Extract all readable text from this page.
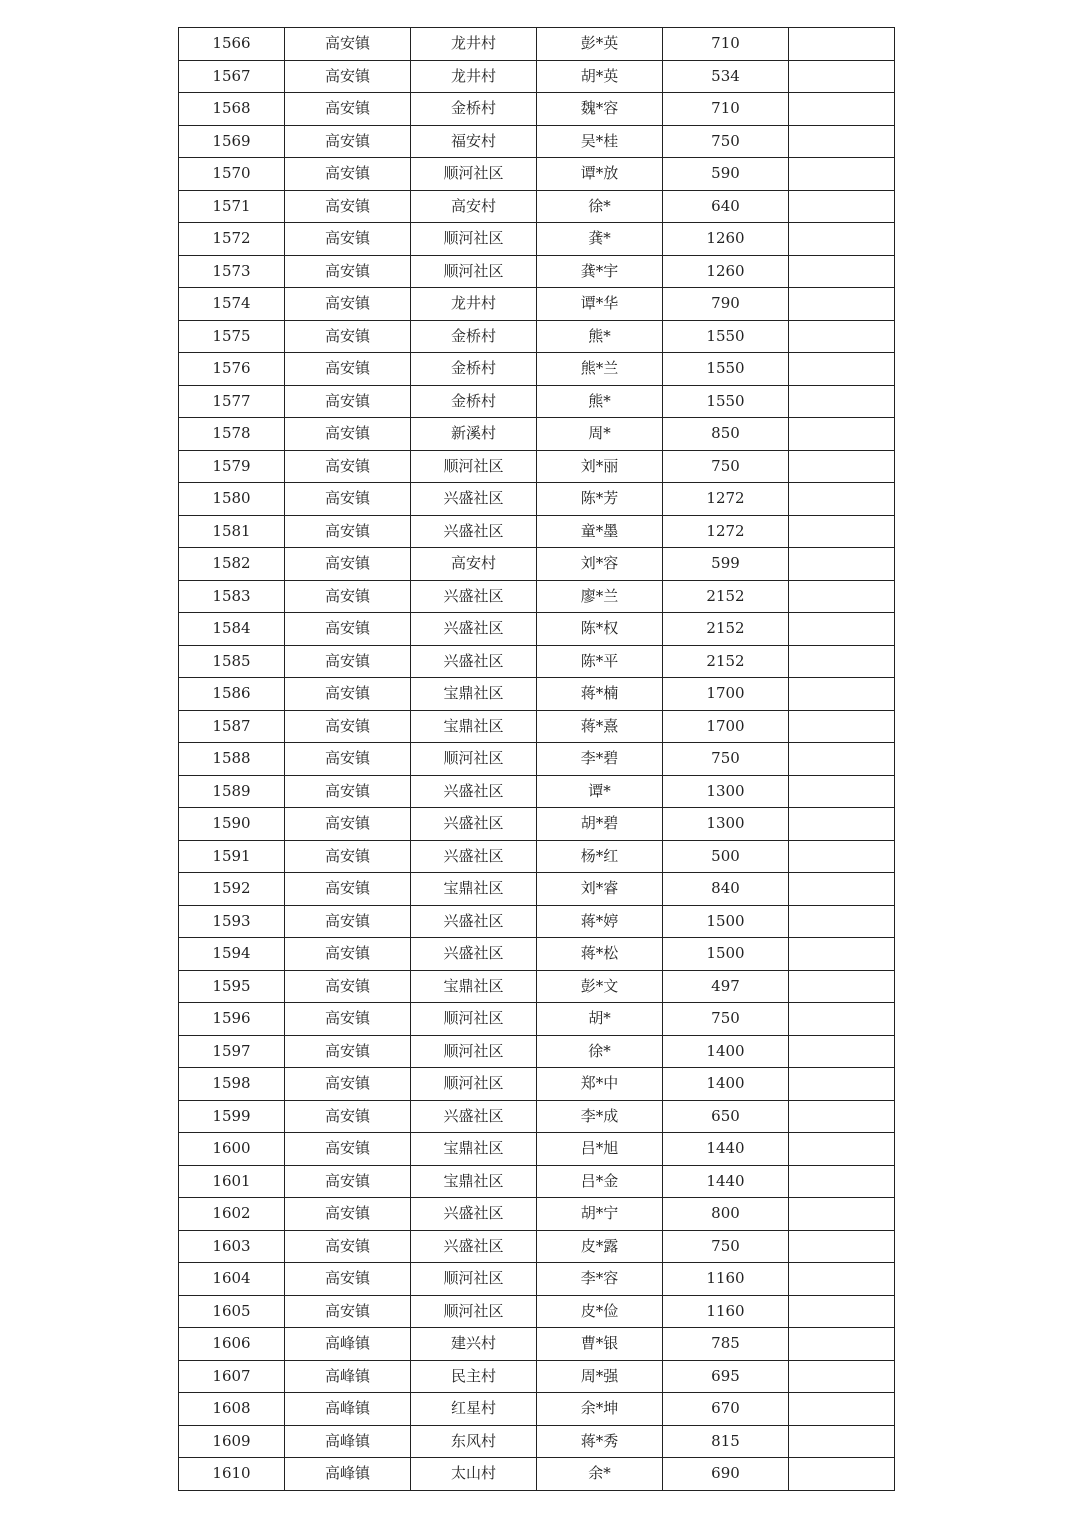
1566	高安镇	龙井村	彭*英	710	
1567	高安镇	龙井村	胡*英	534	
1568	高安镇	金桥村	魏*容	710	
1569	高安镇	福安村	吴*桂	750	
1570	高安镇	顺河社区	谭*放	590	
1571	高安镇	高安村	徐*	640	
1572	高安镇	顺河社区	龚*	1260	
1573	高安镇	顺河社区	龚*宇	1260	
1574	高安镇	龙井村	谭*华	790	
1575	高安镇	金桥村	熊*	1550	
1576	高安镇	金桥村	熊*兰	1550	
1577	高安镇	金桥村	熊*	1550	
1578	高安镇	新溪村	周*	850	
1579	高安镇	顺河社区	刘*丽	750	
1580	高安镇	兴盛社区	陈*芳	1272	
1581	高安镇	兴盛社区	童*墨	1272	
1582	高安镇	高安村	刘*容	599	
1583	高安镇	兴盛社区	廖*兰	2152	
1584	高安镇	兴盛社区	陈*权	2152	
1585	高安镇	兴盛社区	陈*平	2152	
1586	高安镇	宝鼎社区	蒋*楠	1700	
1587	高安镇	宝鼎社区	蒋*熹	1700	
1588	高安镇	顺河社区	李*碧	750	
1589	高安镇	兴盛社区	谭*	1300	
1590	高安镇	兴盛社区	胡*碧	1300	
1591	高安镇	兴盛社区	杨*红	500	
1592	高安镇	宝鼎社区	刘*睿	840	
1593	高安镇	兴盛社区	蒋*婷	1500	
1594	高安镇	兴盛社区	蒋*松	1500	
1595	高安镇	宝鼎社区	彭*文	497	
1596	高安镇	顺河社区	胡*	750	
1597	高安镇	顺河社区	徐*	1400	
1598	高安镇	顺河社区	郑*中	1400	
1599	高安镇	兴盛社区	李*成	650	
1600	高安镇	宝鼎社区	吕*旭	1440	
1601	高安镇	宝鼎社区	吕*金	1440	
1602	高安镇	兴盛社区	胡*宁	800	
1603	高安镇	兴盛社区	皮*露	750	
1604	高安镇	顺河社区	李*容	1160	
1605	高安镇	顺河社区	皮*俭	1160	
1606	高峰镇	建兴村	曹*银	785	
1607	高峰镇	民主村	周*强	695	
1608	高峰镇	红星村	余*坤	670	
1609	高峰镇	东风村	蒋*秀	815	
1610	高峰镇	太山村	余*	690	
